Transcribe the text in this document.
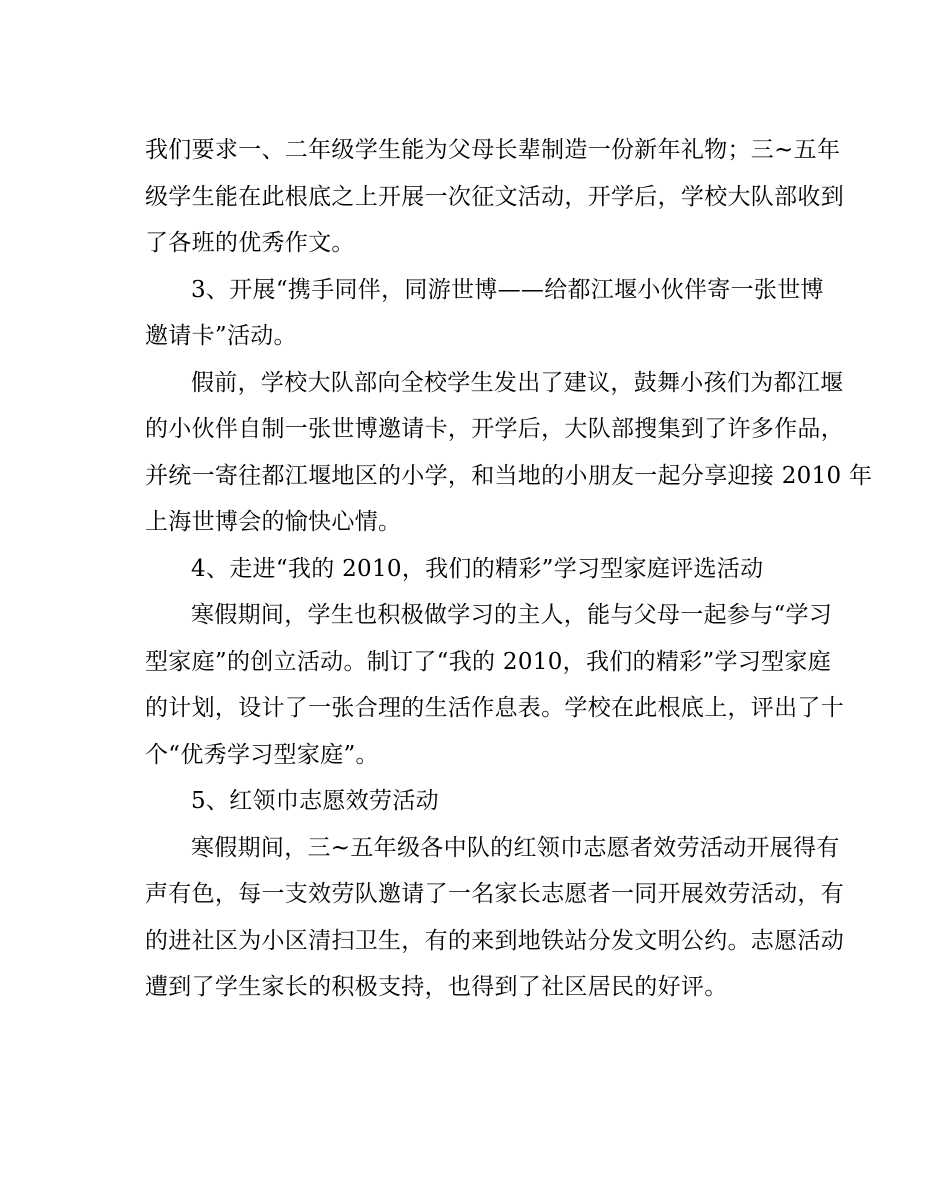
我们要求一、二年级学生能为父母长辈制造一份新年礼物；三~五年
级学生能在此根底之上开展一次征文活动，开学后，学校大队部收到
了各班的优秀作文。
3、开展“携手同伴，同游世博——给都江堰小伙伴寄一张世博
邀请卡”活动。
假前，学校大队部向全校学生发出了建议，鼓舞小孩们为都江堰
的小伙伴自制一张世博邀请卡，开学后，大队部搜集到了许多作品，
并统一寄往都江堰地区的小学，和当地的小朋友一起分享迎接 2010 年
上海世博会的愉快心情。
4、走进“我的 2010，我们的精彩”学习型家庭评选活动
寒假期间，学生也积极做学习的主人，能与父母一起参与“学习
型家庭”的创立活动。制订了“我的 2010，我们的精彩”学习型家庭
的计划，设计了一张合理的生活作息表。学校在此根底上，评出了十
个“优秀学习型家庭”。
5、红领巾志愿效劳活动
寒假期间，三~五年级各中队的红领巾志愿者效劳活动开展得有
声有色，每一支效劳队邀请了一名家长志愿者一同开展效劳活动，有
的进社区为小区清扫卫生，有的来到地铁站分发文明公约。志愿活动
遭到了学生家长的积极支持，也得到了社区居民的好评。
